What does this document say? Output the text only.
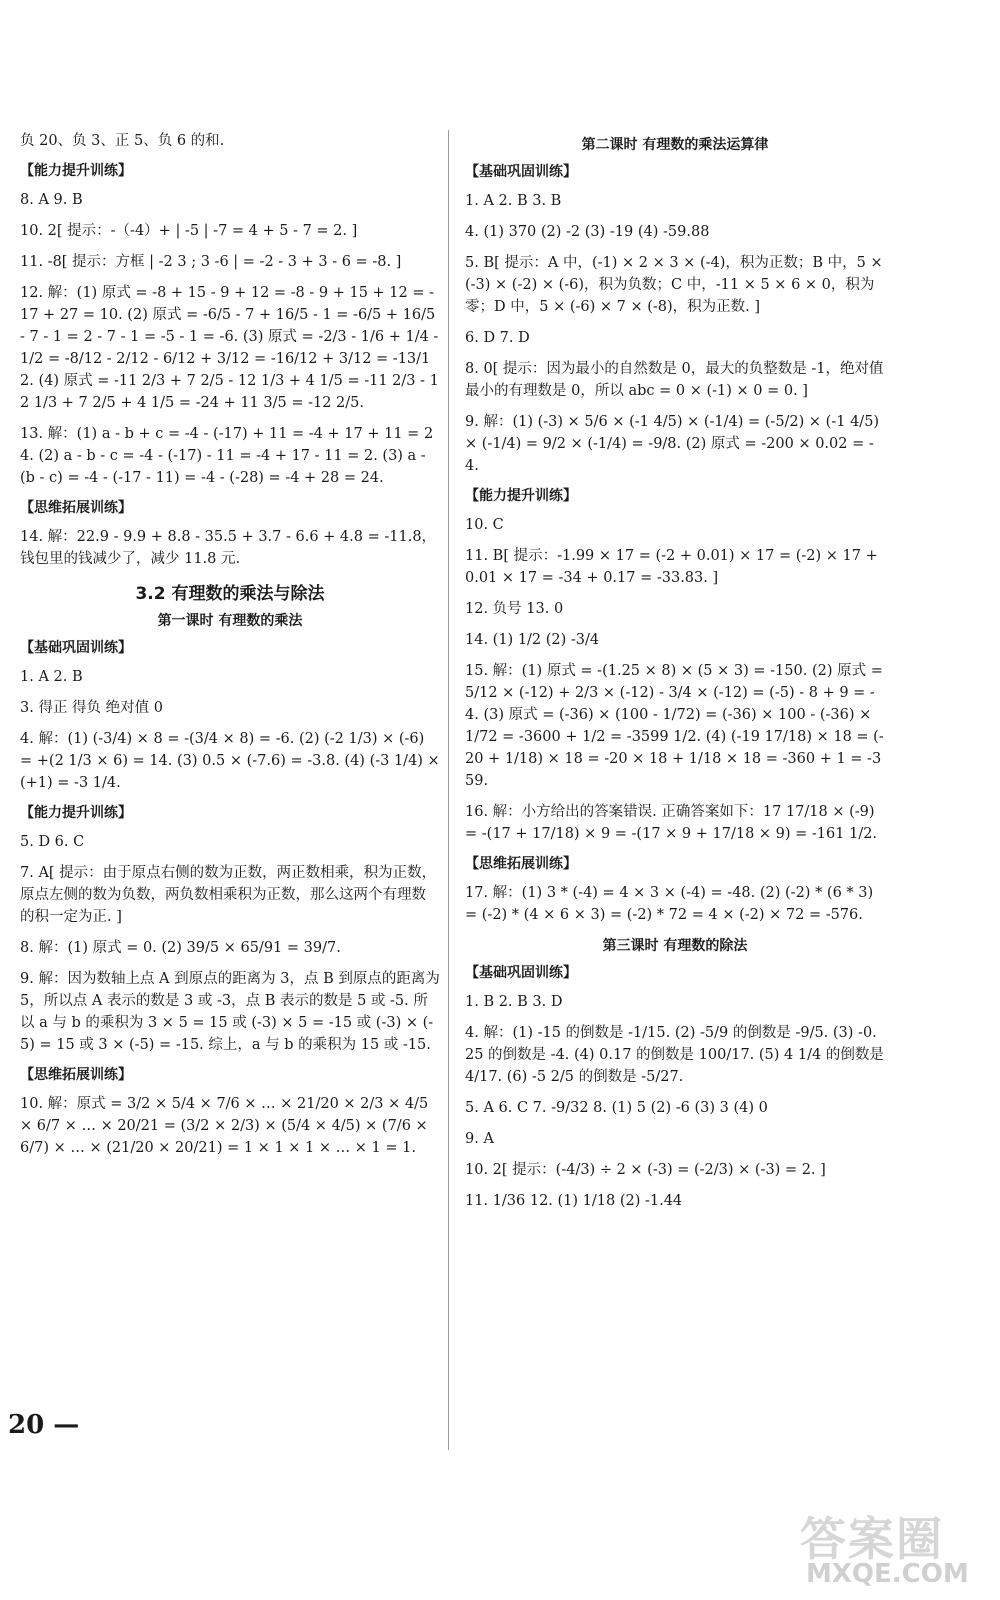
负 20、负 3、正 5、负 6 的和.
【能力提升训练】
8. A 9. B
10. 2[ 提示：-（-4）+ | -5 | -7 = 4 + 5 - 7 = 2. ]
11. -8[ 提示：方框 | -2 3 ; 3 -6 | = -2 - 3 + 3 - 6 = -8. ]
12. 解：(1) 原式 = -8 + 15 - 9 + 12 = -8 - 9 + 15 + 12 = -17 + 27 = 10. (2) 原式 = -6/5 - 7 + 16/5 - 1 = -6/5 + 16/5 - 7 - 1 = 2 - 7 - 1 = -5 - 1 = -6. (3) 原式 = -2/3 - 1/6 + 1/4 - 1/2 = -8/12 - 2/12 - 6/12 + 3/12 = -16/12 + 3/12 = -13/12. (4) 原式 = -11 2/3 + 7 2/5 - 12 1/3 + 4 1/5 = -11 2/3 - 12 1/3 + 7 2/5 + 4 1/5 = -24 + 11 3/5 = -12 2/5.
13. 解：(1) a - b + c = -4 - (-17) + 11 = -4 + 17 + 11 = 24. (2) a - b - c = -4 - (-17) - 11 = -4 + 17 - 11 = 2. (3) a - (b - c) = -4 - (-17 - 11) = -4 - (-28) = -4 + 28 = 24.
【思维拓展训练】
14. 解：22.9 - 9.9 + 8.8 - 35.5 + 3.7 - 6.6 + 4.8 = -11.8，钱包里的钱减少了，减少 11.8 元.
3.2 有理数的乘法与除法
第一课时 有理数的乘法
【基础巩固训练】
1. A 2. B
3. 得正 得负 绝对值 0
4. 解：(1) (-3/4) × 8 = -(3/4 × 8) = -6. (2) (-2 1/3) × (-6) = +(2 1/3 × 6) = 14. (3) 0.5 × (-7.6) = -3.8. (4) (-3 1/4) × (+1) = -3 1/4.
【能力提升训练】
5. D 6. C
7. A[ 提示：由于原点右侧的数为正数，两正数相乘，积为正数，原点左侧的数为负数，两负数相乘积为正数，那么这两个有理数的积一定为正. ]
8. 解：(1) 原式 = 0. (2) 39/5 × 65/91 = 39/7.
9. 解：因为数轴上点 A 到原点的距离为 3，点 B 到原点的距离为 5，所以点 A 表示的数是 3 或 -3，点 B 表示的数是 5 或 -5. 所以 a 与 b 的乘积为 3 × 5 = 15 或 (-3) × 5 = -15 或 (-3) × (-5) = 15 或 3 × (-5) = -15. 综上，a 与 b 的乘积为 15 或 -15.
【思维拓展训练】
10. 解：原式 = 3/2 × 5/4 × 7/6 × … × 21/20 × 2/3 × 4/5 × 6/7 × … × 20/21 = (3/2 × 2/3) × (5/4 × 4/5) × (7/6 × 6/7) × … × (21/20 × 20/21) = 1 × 1 × 1 × … × 1 = 1.
第二课时 有理数的乘法运算律
【基础巩固训练】
1. A 2. B 3. B
4. (1) 370 (2) -2 (3) -19 (4) -59.88
5. B[ 提示：A 中，(-1) × 2 × 3 × (-4)，积为正数；B 中，5 × (-3) × (-2) × (-6)，积为负数；C 中，-11 × 5 × 6 × 0，积为零；D 中，5 × (-6) × 7 × (-8)，积为正数. ]
6. D 7. D
8. 0[ 提示：因为最小的自然数是 0，最大的负整数是 -1，绝对值最小的有理数是 0，所以 abc = 0 × (-1) × 0 = 0. ]
9. 解：(1) (-3) × 5/6 × (-1 4/5) × (-1/4) = (-5/2) × (-1 4/5) × (-1/4) = 9/2 × (-1/4) = -9/8. (2) 原式 = -200 × 0.02 = -4.
【能力提升训练】
10. C
11. B[ 提示：-1.99 × 17 = (-2 + 0.01) × 17 = (-2) × 17 + 0.01 × 17 = -34 + 0.17 = -33.83. ]
12. 负号 13. 0
14. (1) 1/2 (2) -3/4
15. 解：(1) 原式 = -(1.25 × 8) × (5 × 3) = -150. (2) 原式 = 5/12 × (-12) + 2/3 × (-12) - 3/4 × (-12) = (-5) - 8 + 9 = -4. (3) 原式 = (-36) × (100 - 1/72) = (-36) × 100 - (-36) × 1/72 = -3600 + 1/2 = -3599 1/2. (4) (-19 17/18) × 18 = (-20 + 1/18) × 18 = -20 × 18 + 1/18 × 18 = -360 + 1 = -359.
16. 解：小方给出的答案错误. 正确答案如下：17 17/18 × (-9) = -(17 + 17/18) × 9 = -(17 × 9 + 17/18 × 9) = -161 1/2.
【思维拓展训练】
17. 解：(1) 3 * (-4) = 4 × 3 × (-4) = -48. (2) (-2) * (6 * 3) = (-2) * (4 × 6 × 3) = (-2) * 72 = 4 × (-2) × 72 = -576.
第三课时 有理数的除法
【基础巩固训练】
1. B 2. B 3. D
4. 解：(1) -15 的倒数是 -1/15. (2) -5/9 的倒数是 -9/5. (3) -0.25 的倒数是 -4. (4) 0.17 的倒数是 100/17. (5) 4 1/4 的倒数是 4/17. (6) -5 2/5 的倒数是 -5/27.
5. A 6. C 7. -9/32 8. (1) 5 (2) -6 (3) 3 (4) 0
9. A
10. 2[ 提示：(-4/3) ÷ 2 × (-3) = (-2/3) × (-3) = 2. ]
11. 1/36 12. (1) 1/18 (2) -1.44
20 —
答案圈
MXQE.COM
